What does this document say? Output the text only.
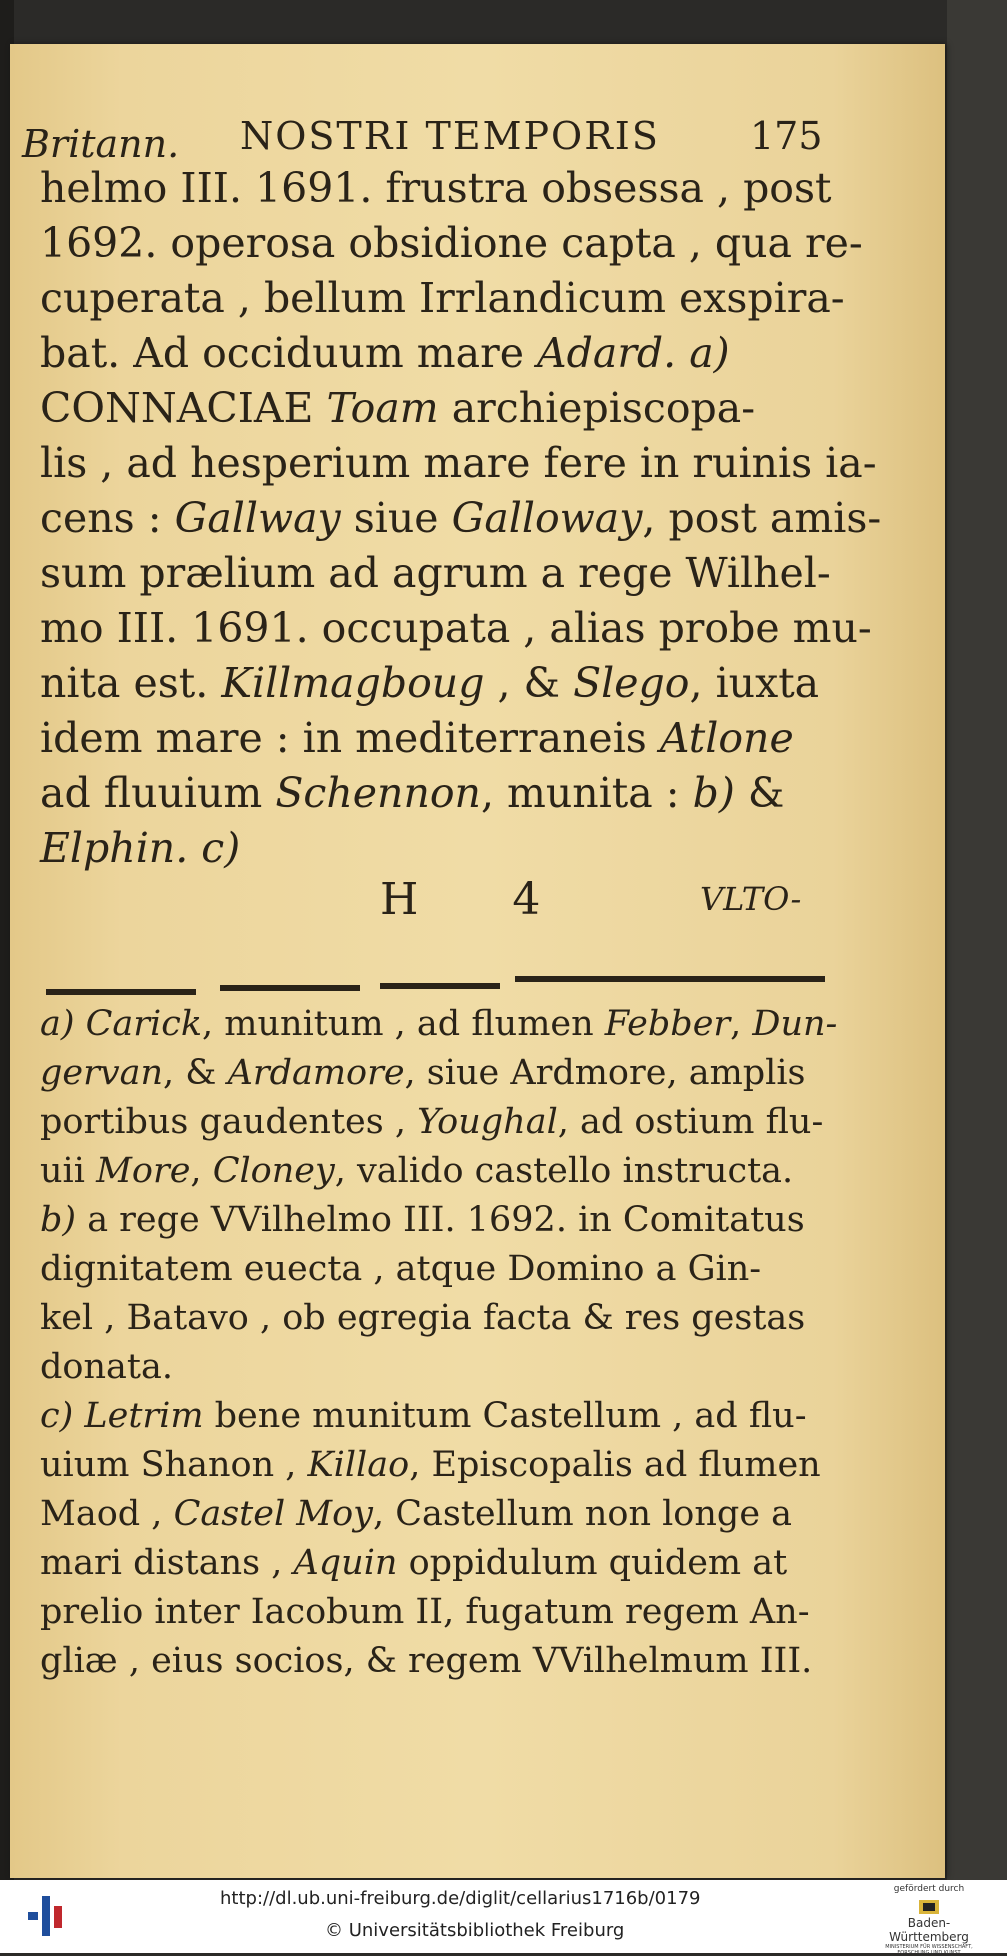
Britann. NOSTRI TEMPORIS 175
helmo III. 1691. frustra obsessa , post
1692. operosa obsidione capta , qua re-
cuperata , bellum Irrlandicum exspira-
bat. Ad occiduum mare Adard. a)
CONNACIAE Toam archiepiscopa-
lis , ad hesperium mare fere in ruinis ia-
cens : Gallway siue Galloway, post amis-
sum prælium ad agrum a rege Wilhel-
mo III. 1691. occupata , alias probe mu-
nita est. Killmagboug , & Slego, iuxta
idem mare : in mediterraneis Atlone
ad fluuium Schennon, munita : b) &
Elphin. c)
H 4	VLTO-
a) Carick, munitum , ad flumen Febber, Dun-
gervan, & Ardamore, siue Ardmore, amplis
portibus gaudentes , Youghal, ad ostium flu-
uii More, Cloney, valido castello instructa.
b) a rege VVilhelmo III. 1692. in Comitatus
dignitatem euecta , atque Domino a Gin-
kel , Batavo , ob egregia facta & res gestas
donata.
c) Letrim bene munitum Castellum , ad flu-
uium Shanon , Killao, Episcopalis ad flumen
Maod , Castel Moy, Castellum non longe a
mari distans , Aquin oppidulum quidem at
prelio inter Iacobum II, fugatum regem An-
gliæ , eius socios, & regem VVilhelmum III.
http://dl.ub.uni-freiburg.de/diglit/cellarius1716b/0179
© Universitätsbibliothek Freiburg
gefördert durch
Baden-Württemberg
MINISTERIUM FÜR WISSENSCHAFT, FORSCHUNG UND KUNST
